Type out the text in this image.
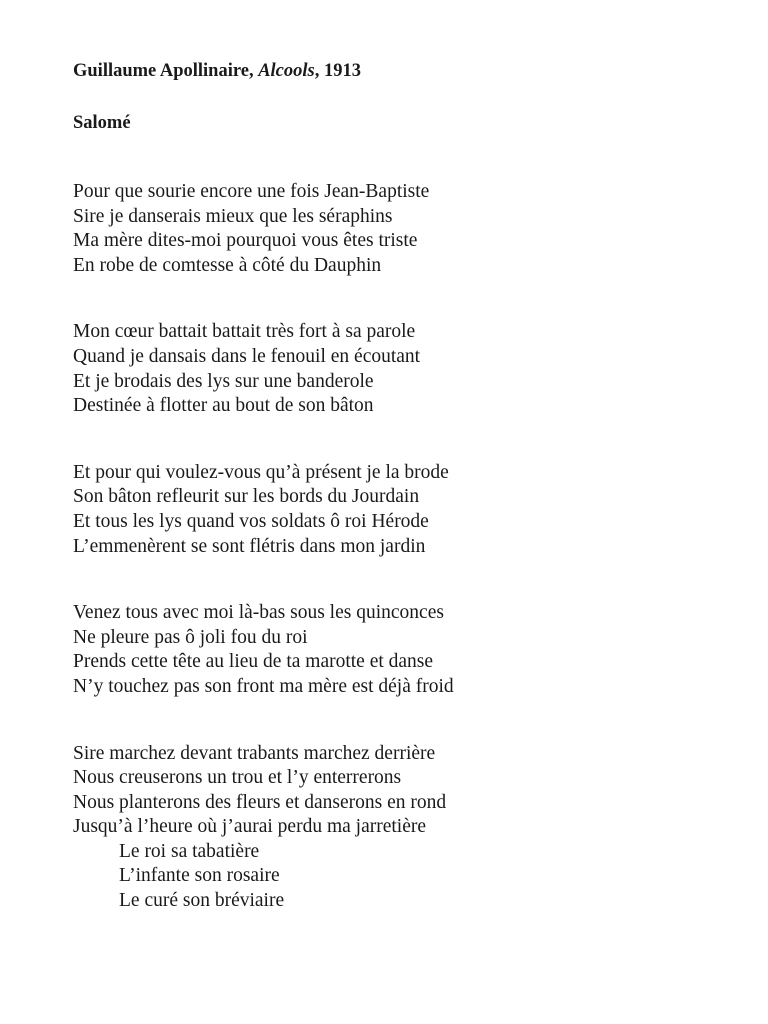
Guillaume Apollinaire, Alcools, 1913

Salomé

Pour que sourie encore une fois Jean-Baptiste
Sire je danserais mieux que les séraphins
Ma mère dites-moi pourquoi vous êtes triste
En robe de comtesse à côté du Dauphin
Mon cœur battait battait très fort à sa parole
Quand je dansais dans le fenouil en écoutant
Et je brodais des lys sur une banderole
Destinée à flotter au bout de son bâton
Et pour qui voulez-vous qu’à présent je la brode
Son bâton refleurit sur les bords du Jourdain
Et tous les lys quand vos soldats ô roi Hérode
L’emmenèrent se sont flétris dans mon jardin
Venez tous avec moi là-bas sous les quinconces
Ne pleure pas ô joli fou du roi
Prends cette tête au lieu de ta marotte et danse
N’y touchez pas son front ma mère est déjà froid
Sire marchez devant trabants marchez derrière
Nous creuserons un trou et l’y enterrerons
Nous planterons des fleurs et danserons en rond
Jusqu’à l’heure où j’aurai perdu ma jarretière
Le roi sa tabatière
L’infante son rosaire
Le curé son bréviaire
